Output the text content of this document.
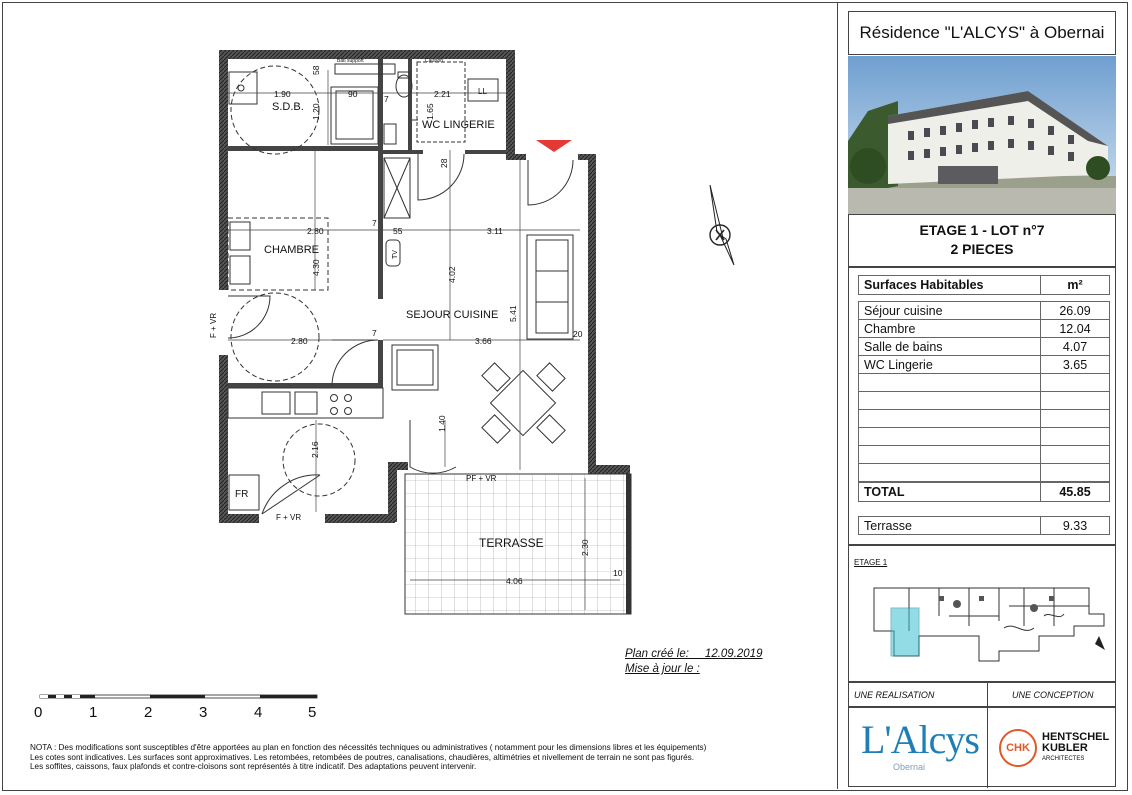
S.D.B.
WC LINGERIE
CHAMBRE
SEJOUR CUISINE
TERRASSE
FR
LL
TV
F + VR
PF + VR
F + VR
Bâti support	Caisson
1.90	90	2.21
1.20	1.65
58
7
2.80	55	3.11
4.30	4.02
5.41
2.80	3.66
7
7	20
2.16
1.40
28
2.30
4.06
10
0	1	2	3	4	5
Plan créé le: 12.09.2019
Mise à jour le :
NOTA : Des modifications sont susceptibles d'être apportées au plan en fonction des nécessités techniques ou administratives ( notamment pour les dimensions libres et les équipements)
Les cotes sont indicatives. Les surfaces sont approximatives. Les retombées, retombées de poutres, canalisations, chaudières, altimétries et nivellement de terrain ne sont pas figurés.
Les soffites, caissons, faux plafonds et contre-cloisons sont représentés à titre indicatif. Des adaptations peuvent intervenir.
Résidence "L'ALCYS" à Obernai
ETAGE 1 - LOT n°7
2 PIECES
Surfaces Habitables	m²
Séjour cuisine	26.09
Chambre	12.04
Salle de bains	4.07
WC Lingerie	3.65

TOTAL	45.85
Terrasse	9.33
ETAGE 1
UNE REALISATION	UNE CONCEPTION
L'Alcys
Obernai
CHK
HENTSCHEL
KUBLER
ARCHITECTES
